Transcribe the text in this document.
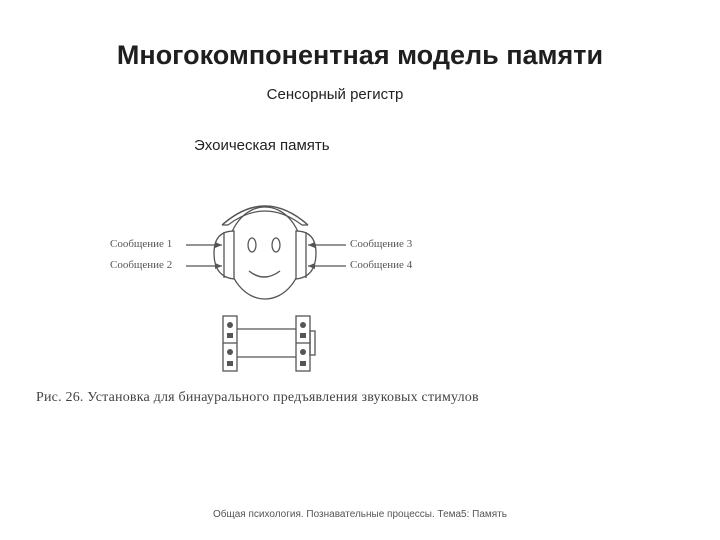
Многокомпонентная модель памяти
Сенсорный регистр
Эхоическая память
Сообщение 1
Сообщение 2
Сообщение 3
Сообщение 4
Рис. 26. Установка для бинаурального предъявления звуковых стимулов
Общая психология. Познавательные процессы. Тема5: Память
